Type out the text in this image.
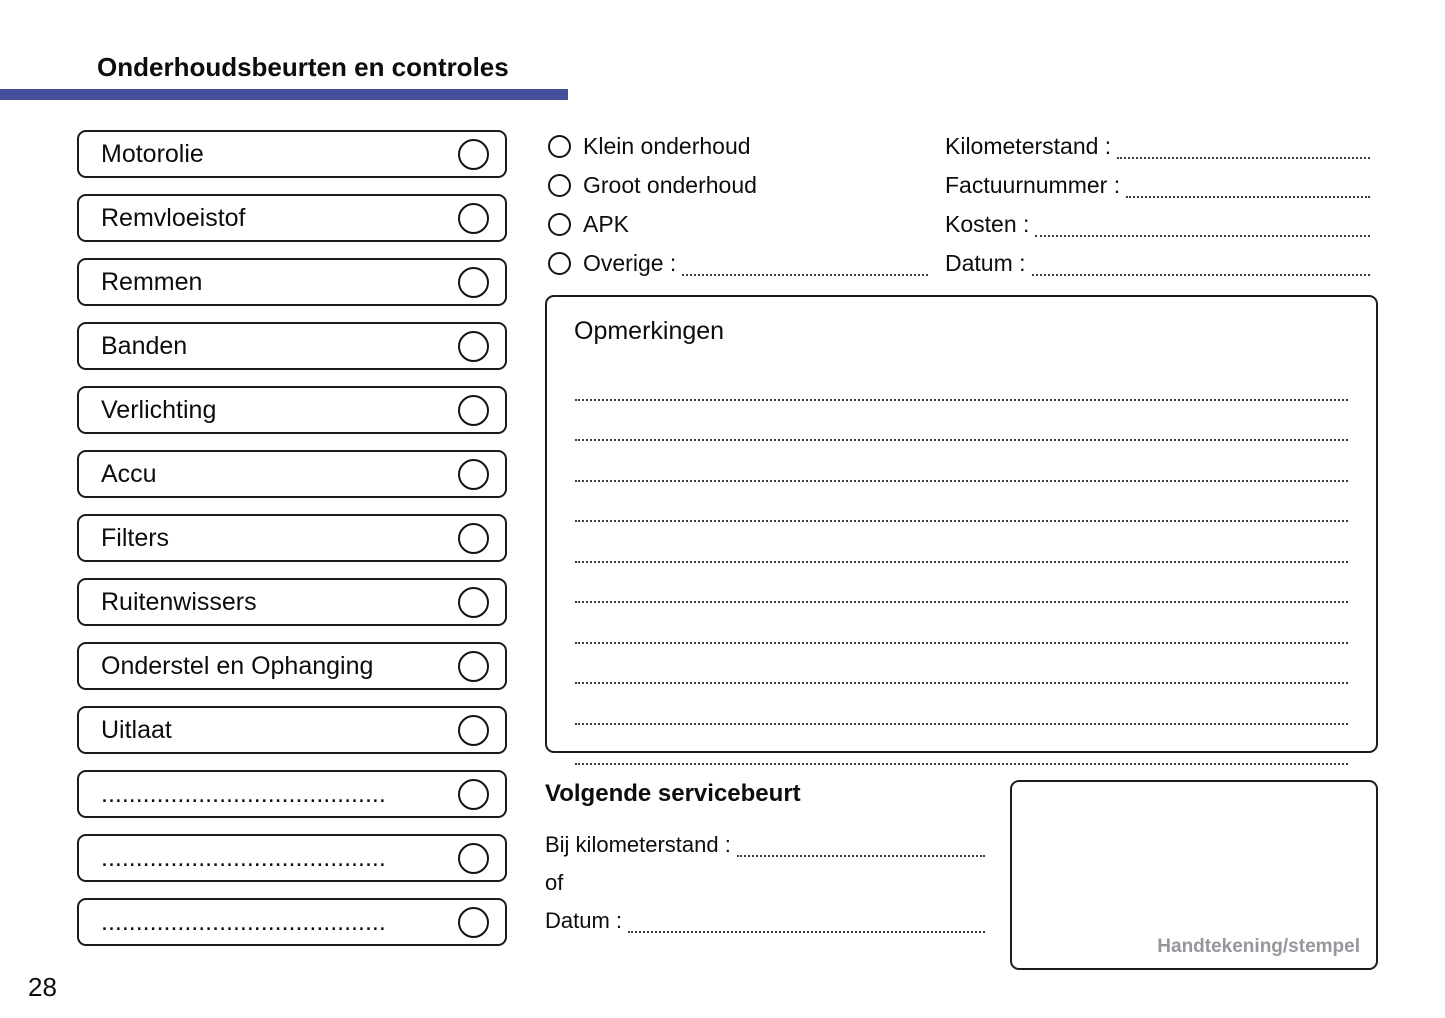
Onderhoudsbeurten en controles
Motorolie
Remvloeistof
Remmen
Banden
Verlichting
Accu
Filters
Ruitenwissers
Onderstel en Ophanging
Uitlaat
.........................................
.........................................
.........................................
Klein onderhoud
Groot onderhoud
APK
Overige :
Kilometerstand :
Factuurnummer :
Kosten :
Datum :
Opmerkingen
Volgende servicebeurt
Bij kilometerstand :
of
Datum :
Handtekening/stempel
28
